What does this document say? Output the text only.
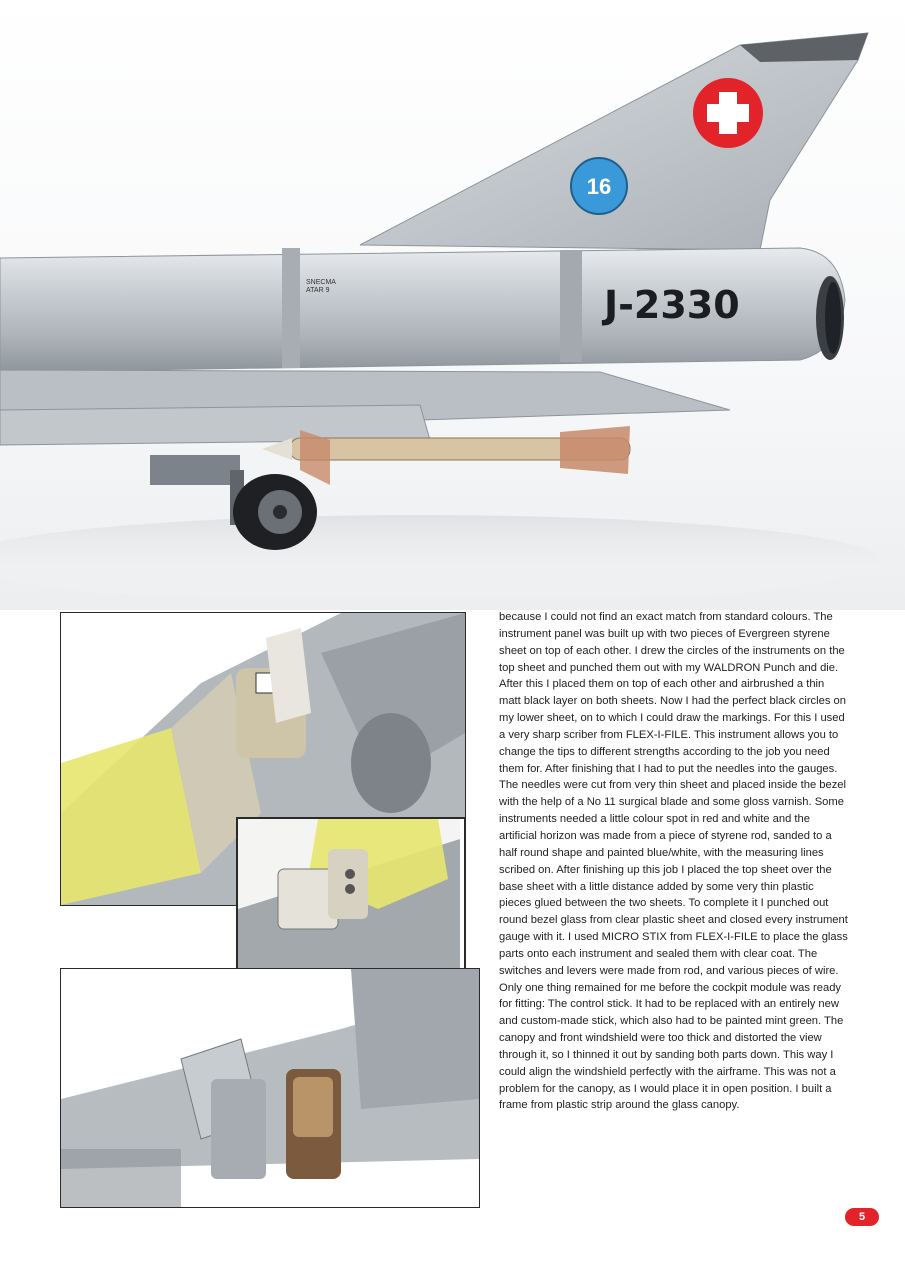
16
SNECMA
ATAR 9	J-2330

because I could not find an exact match from standard colours. The instrument panel was built up with two pieces of Evergreen styrene sheet on top of each other. I drew the circles of the instruments on the top sheet and punched them out with my WALDRON Punch and die. After this I placed them on top of each other and airbrushed a thin matt black layer on both sheets. Now I had the perfect black circles on my lower sheet, on to which I could draw the markings. For this I used a very sharp scriber from FLEX-I-FILE. This instrument allows you to change the tips to different strengths according to the job you need them for. After finishing that I had to put the needles into the gauges. The needles were cut from very thin sheet and placed inside the bezel with the help of a No 11 surgical blade and some gloss varnish. Some instruments needed a little colour spot in red and white and the artificial horizon was made from a piece of styrene rod, sanded to a half round shape and painted blue/white, with the measuring lines scribed on. After finishing up this job I placed the top sheet over the base sheet with a little distance added by some very thin plastic pieces glued between the two sheets. To complete it I punched out round bezel glass from clear plastic sheet and closed every instrument gauge with it. I used MICRO STIX from FLEX-I-FILE to place the glass parts onto each instrument and sealed them with clear coat. The switches and levers were made from rod, and various pieces of wire. Only one thing remained for me before the cockpit module was ready for fitting: The control stick. It had to be replaced with an entirely new and custom-made stick, which also had to be painted mint green. The canopy and front windshield were too thick and distorted the view through it, so I thinned it out by sanding both parts down. This way I could align the windshield perfectly with the airframe. This was not a problem for the canopy, as I would place it in open position. I built a frame from plastic strip around the glass canopy.

5
